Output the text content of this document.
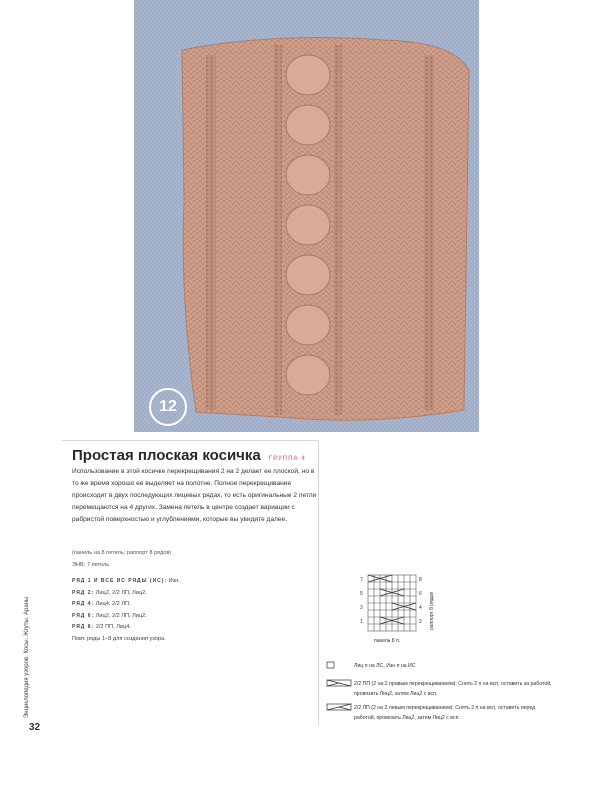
12
Простая плоская косичка ГРУППА 4
Использование в этой косичке перекрещивания 2 на 2 делает ее плоской, но в то же время хорошо ее выделяет на полотне. Полное перекрещивание происходит в двух последующих лицевых рядах, то есть оригинальные 2 петли перемещаются на 4 других. Замена петель в центре создает вариации с рабристой поверхностью и углублениями, которые вы увидите далее.
(панель на 8 петель; раппорт 8 рядов)
ЭНВ: 7 петель
РЯД 1 И ВСЕ ИС РЯДЫ (ИС): Изн.
РЯД 2: Лиц2, 2/2 ЛП, Лиц2.
РЯД 4: Лиц4, 2/2 ЛП.
РЯД 6: Лиц2, 2/2 ЛП, Лиц2.
РЯД 8: 2/2 ПП, Лиц4.
Повт. ряды 1–8 для создания узора.
7
5
3
1
8
6
4
2
панель 8 п.
раппорт 8 рядов
Лиц п на ЛС, Изн п на ИС
2/2 ПП (2 на 2 правым перекрещиванием): Снять 2 п на всп, оставить за работой, провязать Лиц2, затем Лиц2 с всп.
2/2 ЛП (2 на 2 левым перекрещиванием): Снять 2 п на всп, оставить перед работой, провязать Лиц2, затем Лиц2 с всп.
Энциклопедия узоров. Косы. Жгуты. Араны
32
